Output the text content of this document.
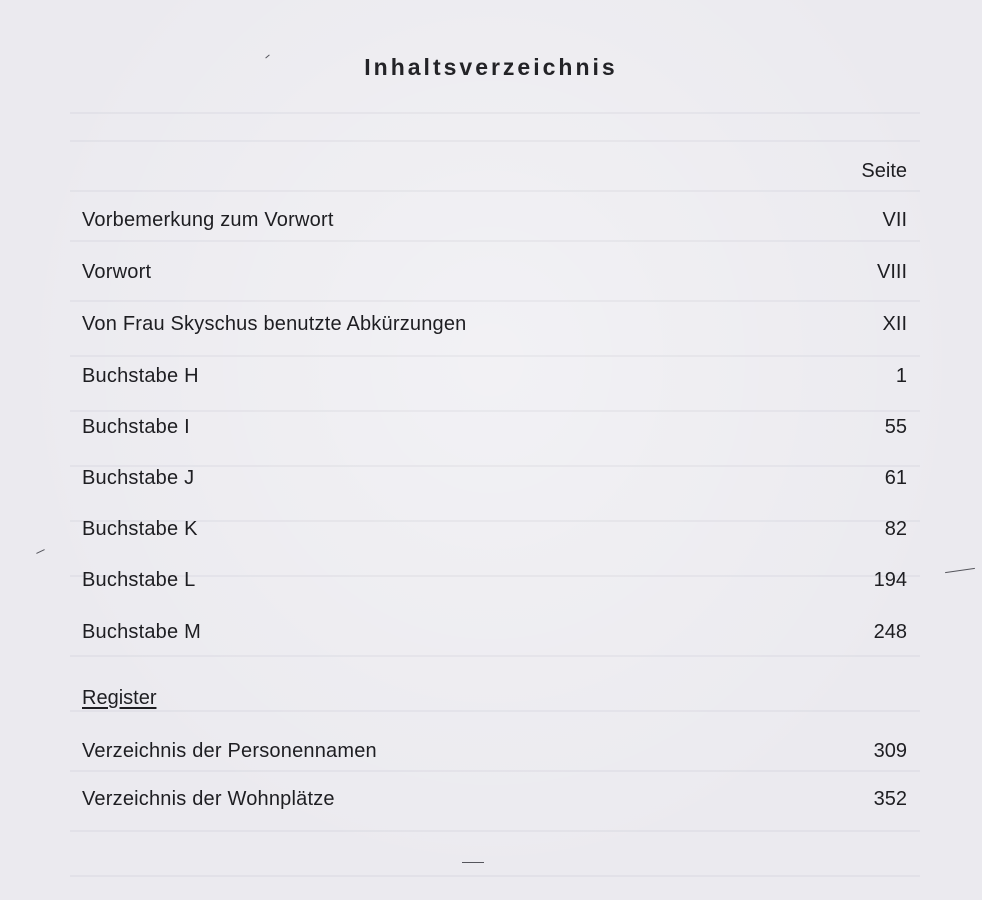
Inhaltsverzeichnis
Seite
Vorbemerkung zum Vorwort	VII
Vorwort	VIII
Von Frau Skyschus benutzte Abkürzungen	XII
Buchstabe H	1
Buchstabe I	55
Buchstabe J	61
Buchstabe K	82
Buchstabe L	194
Buchstabe M	248
Register
Verzeichnis der Personennamen	309
Verzeichnis der Wohnplätze	352
